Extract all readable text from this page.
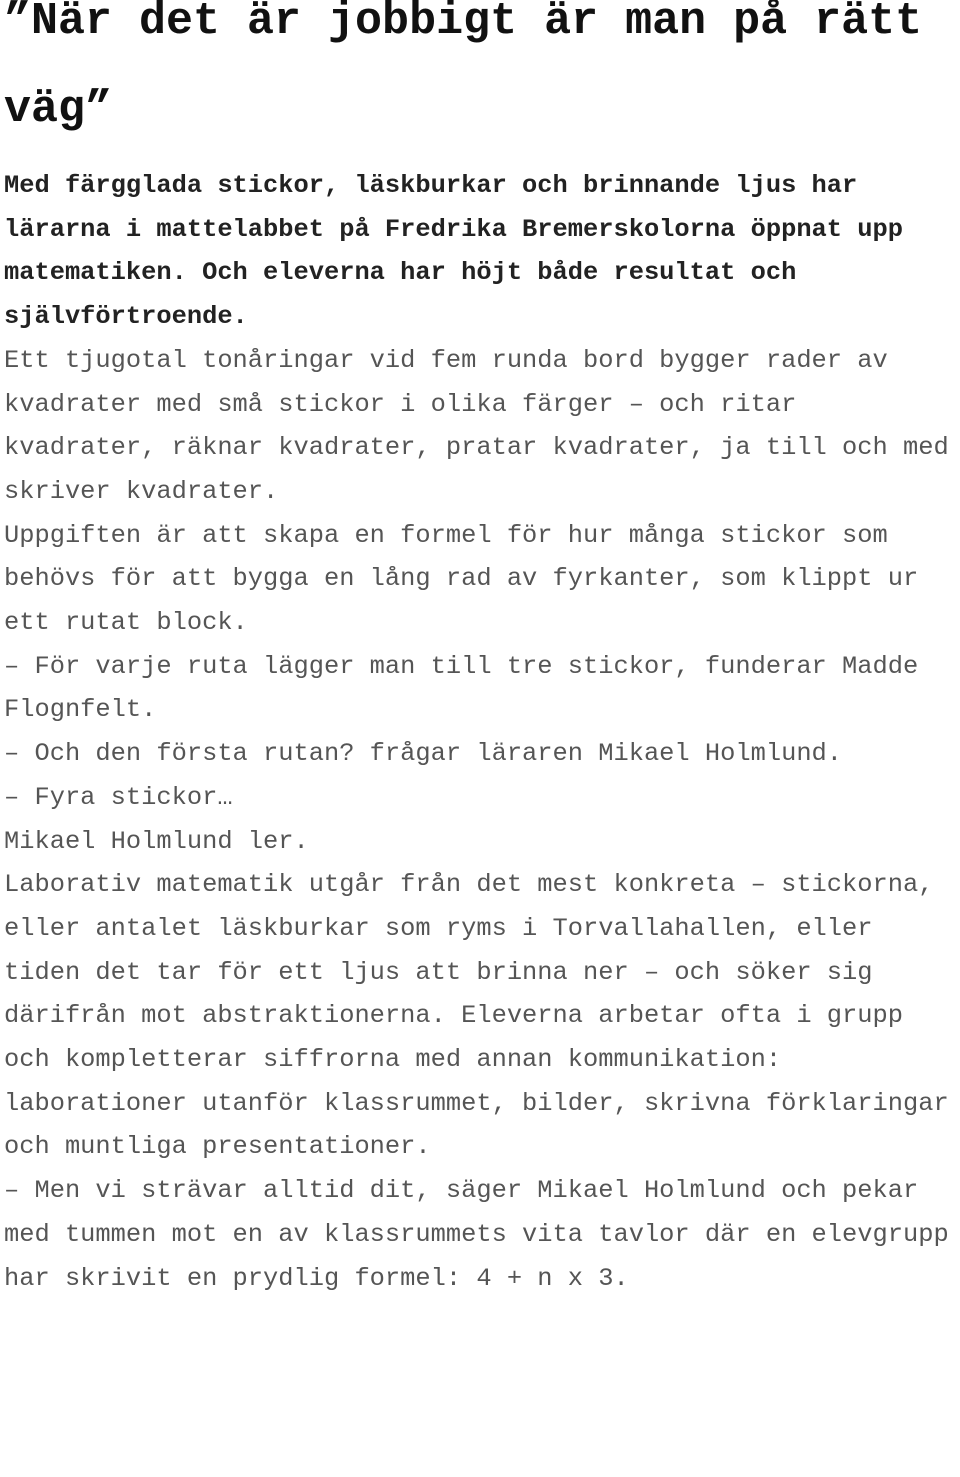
”När det är jobbigt är man på rätt väg”

Med färgglada stickor, läskburkar och brinnande ljus har lärarna i mattelabbet på Fredrika Bremerskolorna öppnat upp matematiken. Och eleverna har höjt både resultat och självförtroende.

Ett tjugotal tonåringar vid fem runda bord bygger rader av kvadrater med små stickor i olika färger – och ritar kvadrater, räknar kvadrater, pratar kvadrater, ja till och med skriver kvadrater.

Uppgiften är att skapa en formel för hur många stickor som behövs för att bygga en lång rad av fyrkanter, som klippt ur ett rutat block.

– För varje ruta lägger man till tre stickor, funderar Madde Flognfelt.

– Och den första rutan? frågar läraren Mikael Holmlund.

– Fyra stickor…

Mikael Holmlund ler.

Laborativ matematik utgår från det mest konkreta – stickorna, eller antalet läskburkar som ryms i Torvallahallen, eller tiden det tar för ett ljus att brinna ner – och söker sig därifrån mot abstraktionerna. Eleverna arbetar ofta i grupp och kompletterar siffrorna med annan kommunikation: laborationer utanför klassrummet, bilder, skrivna förklaringar och muntliga presentationer.

– Men vi strävar alltid dit, säger Mikael Holmlund och pekar med tummen mot en av klassrummets vita tavlor där en elevgrupp har skrivit en prydlig formel: 4 + n x 3.
